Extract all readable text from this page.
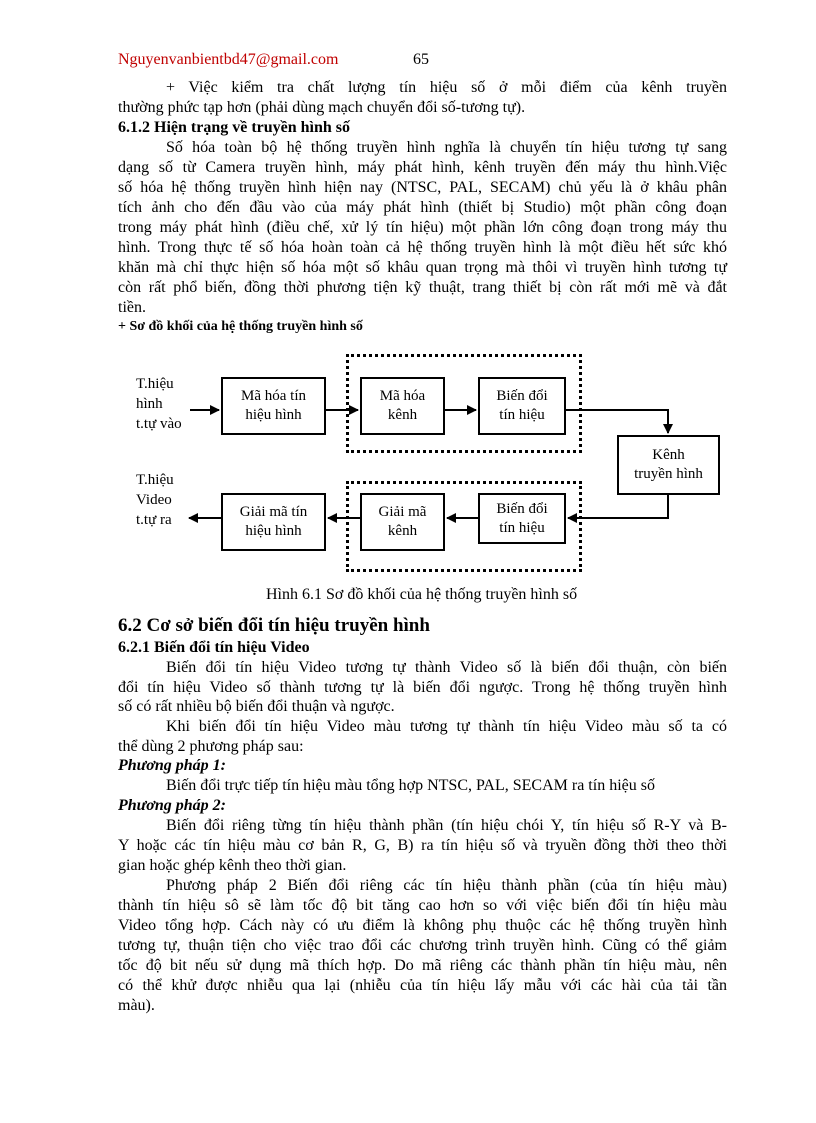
Nguyenvanbientbd47@gmail.com	65
+ Việc kiểm tra chất lượng tín hiệu số ở mỗi điểm của kênh truyền
thường phức tạp hơn (phải dùng mạch chuyển đổi số-tương tự).
6.1.2 Hiện trạng về truyền hình số
Số hóa toàn bộ hệ thống truyền hình nghĩa là chuyển tín hiệu tương tự sang
dạng số từ Camera truyền hình, máy phát hình, kênh truyền đến máy thu hình.Việc
số hóa hệ thống truyền hình hiện nay (NTSC, PAL, SECAM) chủ yếu là ở khâu phân
tích ảnh cho đến đầu vào của máy phát hình (thiết bị Studio) một phần công đoạn
trong máy phát hình (điều chế, xử lý tín hiệu) một phần lớn công đoạn trong máy thu
hình. Trong thực tế số hóa hoàn toàn cả hệ thống truyền hình là một điều hết sức khó
khăn mà chỉ thực hiện số hóa một số khâu quan trọng mà thôi vì truyền hình tương tự
còn rất phổ biến, đồng thời phương tiện kỹ thuật, trang thiết bị còn rất mới mẽ và đắt
tiền.
+ Sơ đồ khối của hệ thống truyền hình số
T.hiệu
hình
t.tự vào
T.hiệu
Video
t.tự ra
Mã hóa tín
hiệu hình
Mã hóa
kênh
Biến đổi
tín hiệu
Kênh
truyền hình
Biến đổi
tín hiệu
Giải mã
kênh
Giải mã tín
hiệu hình
Hình 6.1 Sơ đồ khối của hệ thống truyền hình số
6.2 Cơ sở biến đổi tín hiệu truyền hình
6.2.1 Biến đổi tín hiệu Video
Biến đổi tín hiệu Video tương tự thành Video số là biến đổi thuận, còn biến
đổi tín hiệu Video số thành tương tự là biến đổi ngược. Trong hệ thống truyền hình
số có rất nhiều bộ biến đổi thuận và ngược.
Khi biến đổi tín hiệu Video màu tương tự thành tín hiệu Video màu số ta có
thể dùng 2 phương pháp sau:
Phương pháp 1:
Biến đổi trực tiếp tín hiệu màu tổng hợp NTSC, PAL, SECAM ra tín hiệu số
Phương pháp 2:
Biến đổi riêng từng tín hiệu thành phần (tín hiệu chói Y, tín hiệu số R-Y và B-
Y hoặc các tín hiệu màu cơ bản R, G, B) ra tín hiệu số và tryuền đồng thời theo thời
gian hoặc ghép kênh theo thời gian.
Phương pháp 2 Biến đổi riêng các tín hiệu thành phần (của tín hiệu màu)
thành tín hiệu sô sẽ làm tốc độ bit tăng cao hơn so với việc biến đổi tín hiệu màu
Video tổng hợp. Cách này có ưu điểm là không phụ thuộc các hệ thống truyền hình
tương tự, thuận tiện cho việc trao đổi các chương trình truyền hình. Cũng có thể giảm
tốc độ bit nếu sử dụng mã thích hợp. Do mã riêng các thành phần tín hiệu màu, nên
có thể khử được nhiễu qua lại (nhiễu của tín hiệu lấy mẫu với các hài của tải tần
màu).
